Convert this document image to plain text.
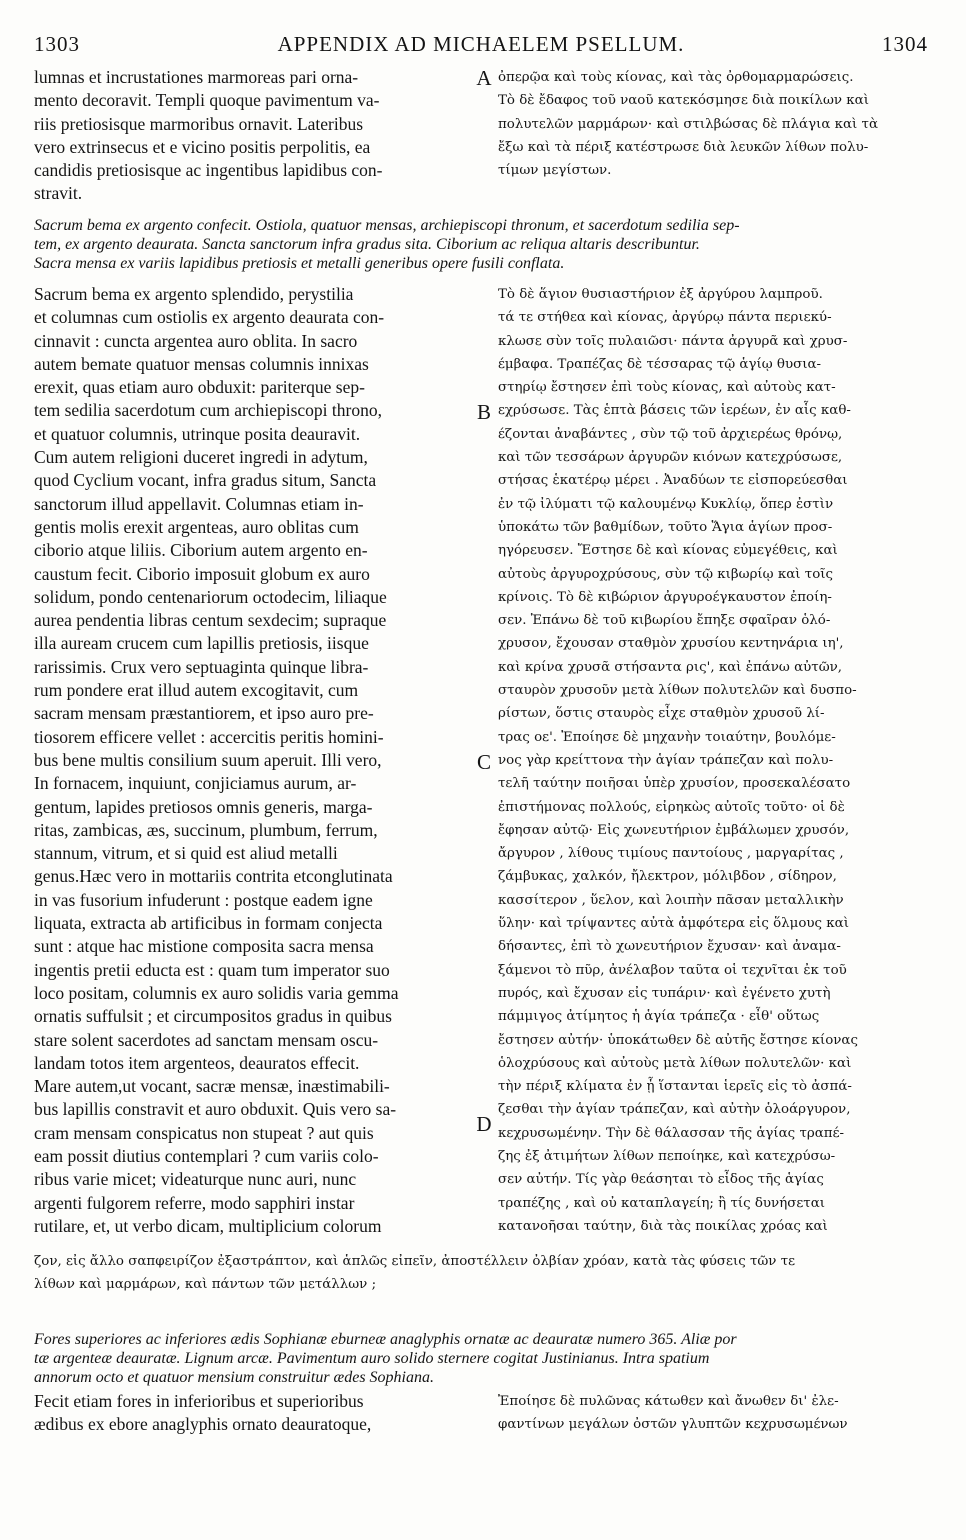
1303	APPENDIX AD MICHAELEM PSELLUM.	1304
lumnas et incrustationes marmoreas pari orna-
mento decoravit. Templi quoque pavimentum va-
riis pretiosisque marmoribus ornavit. Lateribus
vero extrinsecus et e vicino positis perpolitis, ea
candidis pretiosisque ac ingentibus lapidibus con-
stravit.
ὀπερῷα καὶ τοὺς κίονας, καὶ τὰς ὀρθομαρμαρώσεις.
Τὸ δὲ ἔδαφος τοῦ ναοῦ κατεκόσμησε διὰ ποικίλων καὶ
πολυτελῶν μαρμάρων· καὶ στιλβώσας δὲ πλάγια καὶ τὰ
ἔξω καὶ τὰ πέριξ κατέστρωσε διὰ λευκῶν λίθων πολυ-
τίμων μεγίστων.
A
Sacrum bema ex argento confecit. Ostiola, quatuor mensas, archiepiscopi thronum, et sacerdotum sedilia sep-
tem, ex argento deaurata. Sancta sanctorum infra gradus sita. Ciborium ac reliqua altaris describuntur.
Sacra mensa ex variis lapidibus pretiosis et metalli generibus opere fusili conflata.
Sacrum bema ex argento splendido, perystilia
et columnas cum ostiolis ex argento deaurata con-
cinnavit : cuncta argentea auro oblita. In sacro
autem bemate quatuor mensas columnis innixas
erexit, quas etiam auro obduxit: pariterque sep-
tem sedilia sacerdotum cum archiepiscopi throno,
et quatuor columnis, utrinque posita deauravit.
Cum autem religioni duceret ingredi in adytum,
quod Cyclium vocant, infra gradus situm, Sancta
sanctorum illud appellavit. Columnas etiam in-
gentis molis erexit argenteas, auro oblitas cum
ciborio atque liliis. Ciborium autem argento en-
caustum fecit. Ciborio imposuit globum ex auro
solidum, pondo centenariorum octodecim, liliaque
aurea pendentia libras centum sexdecim; supraque
illa auream crucem cum lapillis pretiosis, iisque
rarissimis. Crux vero septuaginta quinque libra-
rum pondere erat illud autem excogitavit, cum
sacram mensam præstantiorem, et ipso auro pre-
tiosorem efficere vellet : accercitis peritis homini-
bus bene multis consilium suum aperuit. Illi vero,
In fornacem, inquiunt, conjiciamus aurum, ar-
gentum, lapides pretiosos omnis generis, marga-
ritas, zambicas, æs, succinum, plumbum, ferrum,
stannum, vitrum, et si quid est aliud metalli
genus.Hæc vero in mottariis contrita etconglutinata
in vas fusorium infuderunt : postque eadem igne
liquata, extracta ab artificibus in formam conjecta
sunt : atque hac mistione composita sacra mensa
ingentis pretii educta est : quam tum imperator suo
loco positam, columnis ex auro solidis varia gemma
ornatis suffulsit ; et circumpositos gradus in quibus
stare solent sacerdotes ad sanctam mensam oscu-
landam totos item argenteos, deauratos effecit.
Mare autem,ut vocant, sacræ mensæ, inæstimabili-
bus lapillis constravit et auro obduxit. Quis vero sa-
cram mensam conspicatus non stupeat ? aut quis
eam possit diutius contemplari ? cum variis colo-
ribus varie micet; videaturque nunc auri, nunc
argenti fulgorem referre, modo sapphiri instar
rutilare, et, ut verbo dicam, multiplicium colorum

Τὸ δὲ ἅγιον θυσιαστήριον ἐξ ἀργύρου λαμπροῦ.
τά τε στήθεα καὶ κίονας, ἀργύρῳ πάντα περιεκύ-
κλωσε σὺν τοῖς πυλαιῶσι· πάντα ἀργυρᾶ καὶ χρυσ-
έμβαφα. Τραπέζας δὲ τέσσαρας τῷ ἁγίῳ θυσια-
στηρίῳ ἔστησεν ἐπὶ τοὺς κίονας, καὶ αὐτοὺς κατ-
εχρύσωσε. Τὰς ἑπτὰ βάσεις τῶν ἱερέων, ἐν αἷς καθ-
έζονται ἀναβάντες , σὺν τῷ τοῦ ἀρχιερέως θρόνῳ,
καὶ τῶν τεσσάρων ἀργυρῶν κιόνων κατεχρύσωσε,
στήσας ἑκατέρῳ μέρει . Ἀναδύων τε εἰσπορεύεσθαι
ἐν τῷ ἰλύματι τῷ καλουμένῳ Κυκλίῳ, ὅπερ ἐστὶν
ὑποκάτω τῶν βαθμίδων, τοῦτο Ἅγια ἁγίων προσ-
ηγόρευσεν. Ἔστησε δὲ καὶ κίονας εὐμεγέθεις, καὶ
αὐτοὺς ἀργυροχρύσους, σὺν τῷ κιβωρίῳ καὶ τοῖς
κρίνοις. Τὸ δὲ κιβώριον ἀργυροέγκαυστον ἐποίη-
σεν. Ἐπάνω δὲ τοῦ κιβωρίου ἔπηξε σφαῖραν ὁλό-
χρυσον, ἔχουσαν σταθμὸν χρυσίου κεντηνάρια ιη',
καὶ κρίνα χρυσᾶ στήσαντα ρις', καὶ ἐπάνω αὐτῶν,
σταυρὸν χρυσοῦν μετὰ λίθων πολυτελῶν καὶ δυσπο-
ρίστων, ὅστις σταυρὸς εἶχε σταθμὸν χρυσοῦ λί-
τρας οε'. Ἐποίησε δὲ μηχανὴν τοιαύτην, βουλόμε-
νος γὰρ κρείττονα τὴν ἁγίαν τράπεζαν καὶ πολυ-
τελῆ ταύτην ποιῆσαι ὑπὲρ χρυσίον, προσεκαλέσατο
ἐπιστήμονας πολλούς, εἰρηκὼς αὐτοῖς τοῦτο· οἱ δὲ
ἔφησαν αὐτῷ· Εἰς χωνευτήριον ἐμβάλωμεν χρυσόν,
ἄργυρον , λίθους τιμίους παντοίους , μαργαρίτας ,
ζάμβυκας, χαλκόν, ἤλεκτρον, μόλιβδον , σίδηρον,
κασσίτερον , ὕελον, καὶ λοιπὴν πᾶσαν μεταλλικὴν
ὕλην· καὶ τρίψαντες αὐτὰ ἀμφότερα εἰς ὅλμους καὶ
δήσαντες, ἐπὶ τὸ χωνευτήριον ἔχυσαν· καὶ ἀναμα-
ξάμενοι τὸ πῦρ, ἀνέλαβον ταῦτα οἱ τεχνῖται ἐκ τοῦ
πυρός, καὶ ἔχυσαν εἰς τυπάριν· καὶ ἐγένετο χυτὴ
πάμμιγος ἀτίμητος ἡ ἁγία τράπεζα · εἶθ' οὕτως
ἔστησεν αὐτήν· ὑποκάτωθεν δὲ αὐτῆς ἔστησε κίονας
ὁλοχρύσους καὶ αὐτοὺς μετὰ λίθων πολυτελῶν· καὶ
τὴν πέριξ κλίματα ἐν ᾗ ἵστανται ἱερεῖς εἰς τὸ ἀσπά-
ζεσθαι τὴν ἁγίαν τράπεζαν, καὶ αὐτὴν ὁλοάργυρον,
κεχρυσωμένην. Τὴν δὲ θάλασσαν τῆς ἁγίας τραπέ-
ζης ἐξ ἀτιμήτων λίθων πεποίηκε, καὶ κατεχρύσω-
σεν αὐτήν. Τίς γὰρ θεάσηται τὸ εἶδος τῆς ἁγίας
τραπέζης , καὶ οὐ καταπλαγείη; ἢ τίς δυνήσεται
κατανοῆσαι ταύτην, διὰ τὰς ποικίλας χρόας καὶ

B
C
D
ζον, εἰς ἄλλο σαπφειρίζον ἐξαστράπτον, καὶ ἁπλῶς εἰπεῖν, ἀποστέλλειν ὀλβίαν χρόαν, κατὰ τὰς φύσεις τῶν τε
λίθων καὶ μαρμάρων, καὶ πάντων τῶν μετάλλων ;
Fores superiores ac inferiores ædis Sophianæ eburneæ anaglyphis ornatæ ac deauratæ numero 365. Aliæ por
tæ argenteæ deauratæ. Lignum arcæ. Pavimentum auro solido sternere cogitat Justinianus. Intra spatium
annorum octo et quatuor mensium construitur ædes Sophiana.
Fecit etiam fores in inferioribus et superioribus
ædibus ex ebore anaglyphis ornato deauratoque,
Ἐποίησε δὲ πυλῶνας κάτωθεν καὶ ἄνωθεν δι' ἐλε-
φαντίνων μεγάλων ὀστῶν γλυπτῶν κεχρυσωμένων
